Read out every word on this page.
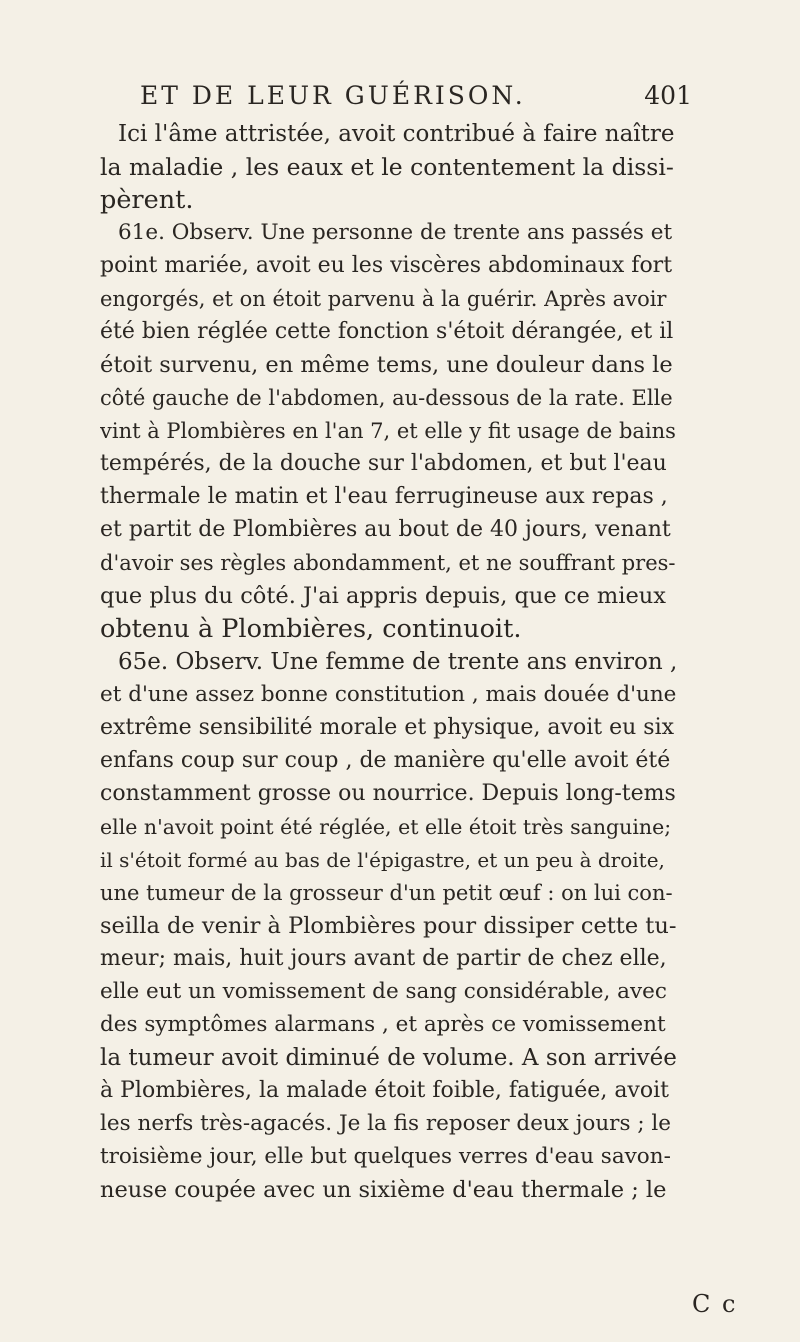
ET DE LEUR GUÉRISON.	401
Ici l'âme attristée, avoit contribué à faire naître
la maladie , les eaux et le contentement la dissi-
pèrent.
61e. Observ. Une personne de trente ans passés et
point mariée, avoit eu les viscères abdominaux fort
engorgés, et on étoit parvenu à la guérir. Après avoir
été bien réglée cette fonction s'étoit dérangée, et il
étoit survenu, en même tems, une douleur dans le
côté gauche de l'abdomen, au-dessous de la rate. Elle
vint à Plombières en l'an 7, et elle y fit usage de bains
tempérés, de la douche sur l'abdomen, et but l'eau
thermale le matin et l'eau ferrugineuse aux repas ,
et partit de Plombières au bout de 40 jours, venant
d'avoir ses règles abondamment, et ne souffrant pres-
que plus du côté. J'ai appris depuis, que ce mieux
obtenu à Plombières, continuoit.
65e. Observ. Une femme de trente ans environ ,
et d'une assez bonne constitution , mais douée d'une
extrême sensibilité morale et physique, avoit eu six
enfans coup sur coup , de manière qu'elle avoit été
constamment grosse ou nourrice. Depuis long-tems
elle n'avoit point été réglée, et elle étoit très sanguine;
il s'étoit formé au bas de l'épigastre, et un peu à droite,
une tumeur de la grosseur d'un petit œuf : on lui con-
seilla de venir à Plombières pour dissiper cette tu-
meur; mais, huit jours avant de partir de chez elle,
elle eut un vomissement de sang considérable, avec
des symptômes alarmans , et après ce vomissement
la tumeur avoit diminué de volume. A son arrivée
à Plombières, la malade étoit foible, fatiguée, avoit
les nerfs très-agacés. Je la fis reposer deux jours ; le
troisième jour, elle but quelques verres d'eau savon-
neuse coupée avec un sixième d'eau thermale ; le
C c
